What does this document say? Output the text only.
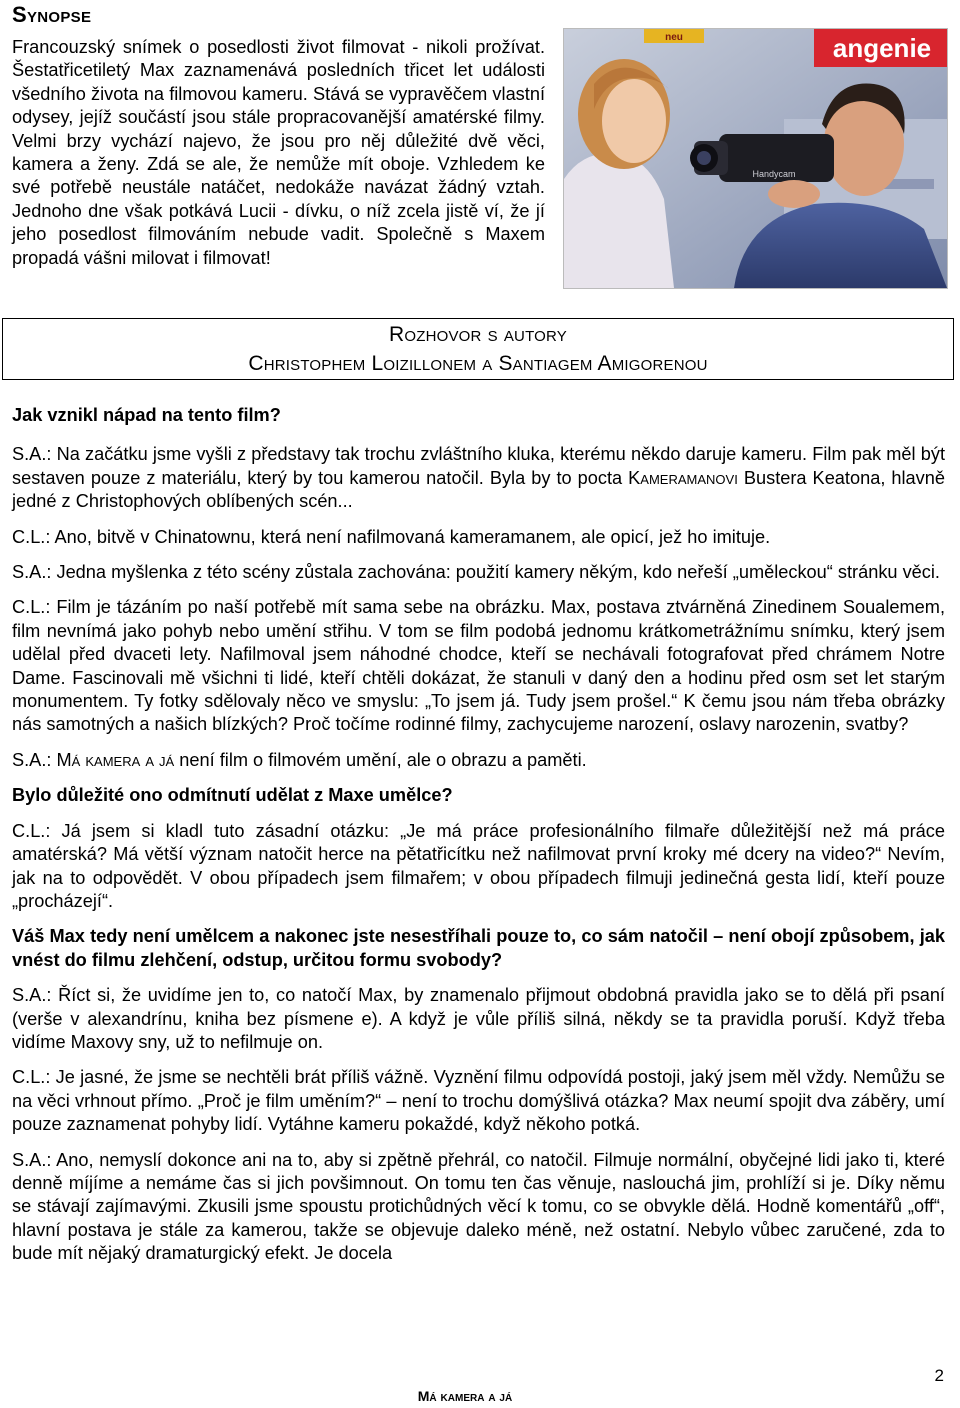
Synopse

Francouzský snímek o posedlosti život filmovat - nikoli prožívat. Šestatřicetiletý Max zaznamenává posledních třicet let události všedního života na filmovou kameru. Stává se vypravěčem vlastní odysey, jejíž součástí jsou stále propracovanější amatérské filmy. Velmi brzy vychází najevo, že jsou pro něj důležité dvě věci, kamera a ženy. Zdá se ale, že nemůže mít oboje. Vzhledem ke své potřebě neustále natáčet, nedokáže navázat žádný vztah. Jednoho dne však potkává Lucii - dívku, o níž zcela jistě ví, že jí jeho posedlost filmováním nebude vadit. Společně s Maxem propadá vášni milovat i filmovat!

angenie
neu
Handycam
Rozhovor s autory
Christophem Loizillonem a Santiagem Amigorenou

Jak vznikl nápad na tento film?

S.A.: Na začátku jsme vyšli z představy tak trochu zvláštního kluka, kterému někdo daruje kameru. Film pak měl být sestaven pouze z materiálu, který by tou kamerou natočil. Byla by to pocta Kameramanovi Bustera Keatona, hlavně jedné z Christophových oblíbených scén...

C.L.: Ano, bitvě v Chinatownu, která není nafilmovaná kameramanem, ale opicí, jež ho imituje.

S.A.: Jedna myšlenka z této scény zůstala zachována: použití kamery někým, kdo neřeší „uměleckou“ stránku věci.

C.L.: Film je tázáním po naší potřebě mít sama sebe na obrázku. Max, postava ztvárněná Zinedinem Soualemem, film nevnímá jako pohyb nebo umění střihu. V tom se film podobá jednomu krátkometrážnímu snímku, který jsem udělal před dvaceti lety. Nafilmoval jsem náhodné chodce, kteří se nechávali fotografovat před chrámem Notre Dame. Fascinovali mě všichni ti lidé, kteří chtěli dokázat, že stanuli v daný den a hodinu před osm set let starým monumentem. Ty fotky sdělovaly něco ve smyslu: „To jsem já. Tudy jsem prošel.“ K čemu jsou nám třeba obrázky nás samotných a našich blízkých? Proč točíme rodinné filmy, zachycujeme narození, oslavy narozenin, svatby?

S.A.: Má kamera a já není film o filmovém umění, ale o obrazu a paměti.

Bylo důležité ono odmítnutí udělat z Maxe umělce?

C.L.: Já jsem si kladl tuto zásadní otázku: „Je má práce profesionálního filmaře důležitější než má práce amatérská? Má větší význam natočit herce na pětatřicítku než nafilmovat první kroky mé dcery na video?“ Nevím, jak na to odpovědět. V obou případech jsem filmařem; v obou případech filmuji jedinečná gesta lidí, kteří pouze „procházejí“.

Váš Max tedy není umělcem a nakonec jste nesestříhali pouze to, co sám natočil – není obojí způsobem, jak vnést do filmu zlehčení, odstup, určitou formu svobody?

S.A.: Říct si, že uvidíme jen to, co natočí Max, by znamenalo přijmout obdobná pravidla jako se to dělá při psaní (verše v alexandrínu, kniha bez písmene e). A když je vůle příliš silná, někdy se ta pravidla poruší. Když třeba vidíme Maxovy sny, už to nefilmuje on.

C.L.: Je jasné, že jsme se nechtěli brát příliš vážně. Vyznění filmu odpovídá postoji, jaký jsem měl vždy. Nemůžu se na věci vrhnout přímo. „Proč je film uměním?“ – není to trochu domýšlivá otázka? Max neumí spojit dva záběry, umí pouze zaznamenat pohyby lidí. Vytáhne kameru pokaždé, když někoho potká.

S.A.: Ano, nemyslí dokonce ani na to, aby si zpětně přehrál, co natočil. Filmuje normální, obyčejné lidi jako ti, které denně míjíme a nemáme čas si jich povšimnout. On tomu ten čas věnuje, naslouchá jim, prohlíží si je. Díky němu se stávají zajímavými. Zkusili jsme spoustu protichůdných věcí k tomu, co se obvykle dělá. Hodně komentářů „off“, hlavní postava je stále za kamerou, takže se objevuje daleko méně, než ostatní. Nebylo vůbec zaručené, zda to bude mít nějaký dramaturgický efekt. Je docela

2
Má kamera a já
